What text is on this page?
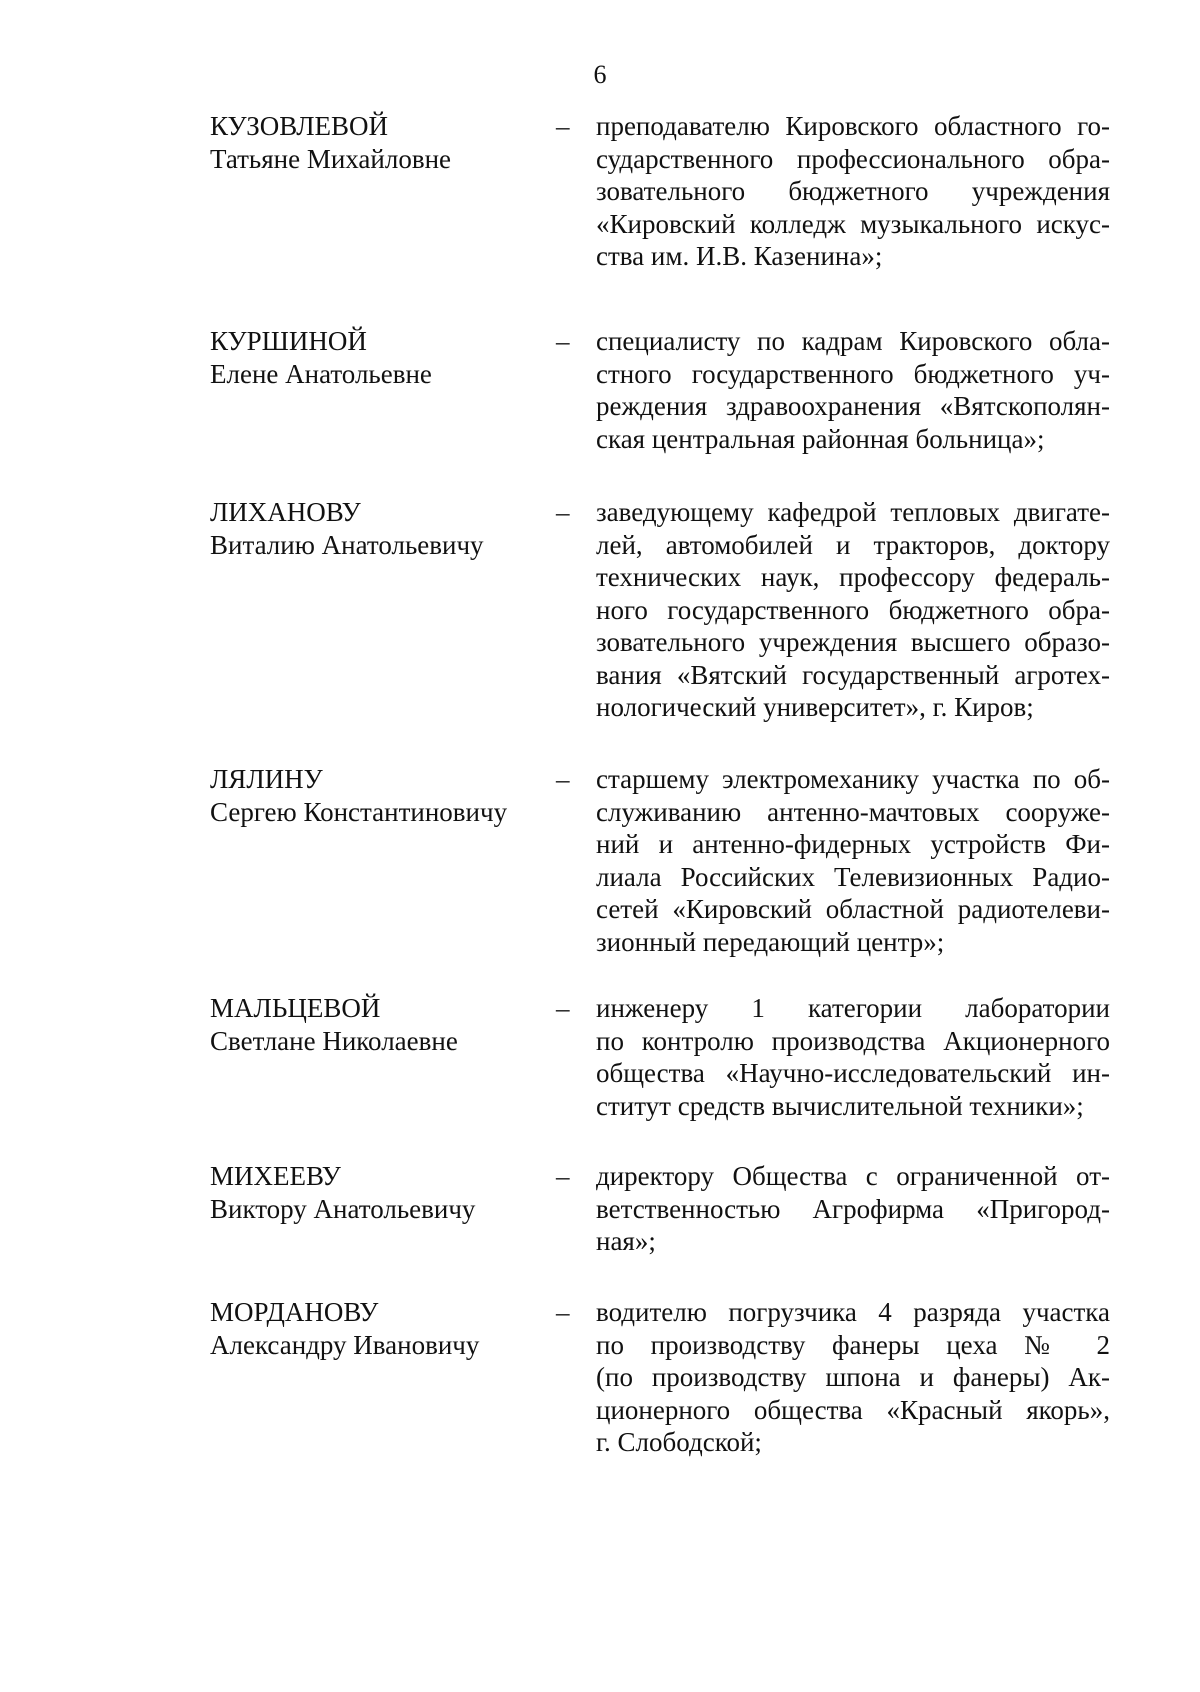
6
КУЗОВЛЕВОЙ
Татьяне Михайловне
– преподавателю Кировского областного го-
сударственного профессионального обра-
зовательного бюджетного учреждения
«Кировский колледж музыкального искус-
ства им. И.В. Казенина»;
КУРШИНОЙ
Елене Анатольевне
– специалисту по кадрам Кировского обла-
стного государственного бюджетного уч-
реждения здравоохранения «Вятскополян-
ская центральная районная больница»;
ЛИХАНОВУ
Виталию Анатольевичу
– заведующему кафедрой тепловых двигате-
лей, автомобилей и тракторов, доктору
технических наук, профессору федераль-
ного государственного бюджетного обра-
зовательного учреждения высшего образо-
вания «Вятский государственный агротех-
нологический университет», г. Киров;
ЛЯЛИНУ
Сергею Константиновичу
– старшему электромеханику участка по об-
служиванию антенно-мачтовых сооруже-
ний и антенно-фидерных устройств Фи-
лиала Российских Телевизионных Радио-
сетей «Кировский областной радиотелеви-
зионный передающий центр»;
МАЛЬЦЕВОЙ
Светлане Николаевне
– инженеру 1 категории лаборатории
по контролю производства Акционерного
общества «Научно-исследовательский ин-
ститут средств вычислительной техники»;
МИХЕЕВУ
Виктору Анатольевичу
– директору Общества с ограниченной от-
ветственностью Агрофирма «Пригород-
ная»;
МОРДАНОВУ
Александру Ивановичу
– водителю погрузчика 4 разряда участка
по производству фанеры цеха № 2
(по производству шпона и фанеры) Ак-
ционерного общества «Красный якорь»,
г. Слободской;
